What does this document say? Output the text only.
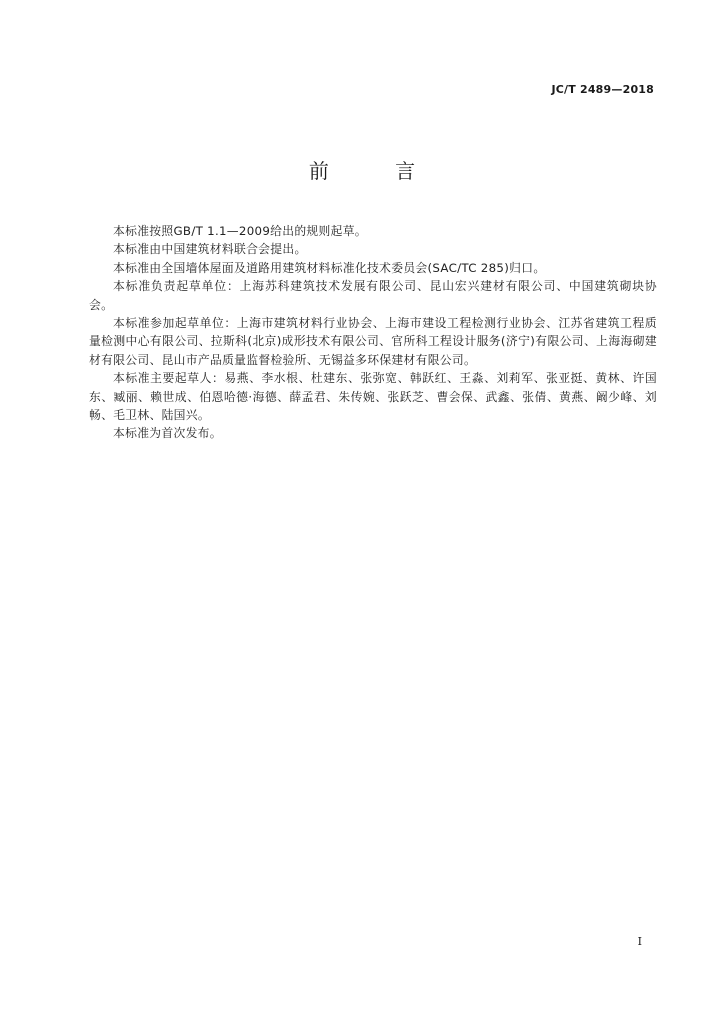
JC/T 2489—2018
前 言

本标准按照GB/T 1.1—2009给出的规则起草。

本标准由中国建筑材料联合会提出。

本标准由全国墙体屋面及道路用建筑材料标准化技术委员会(SAC/TC 285)归口。

本标准负责起草单位：上海苏科建筑技术发展有限公司、昆山宏兴建材有限公司、中国建筑砌块协会。

本标准参加起草单位：上海市建筑材料行业协会、上海市建设工程检测行业协会、江苏省建筑工程质量检测中心有限公司、拉斯科(北京)成形技术有限公司、官所科工程设计服务(济宁)有限公司、上海海砌建材有限公司、昆山市产品质量监督检验所、无锡益多环保建材有限公司。

本标准主要起草人：易燕、李水根、杜建东、张弥宽、韩跃红、王淼、刘莉军、张亚挺、黄林、许国东、臧丽、赖世成、伯恩哈德·海德、薛孟君、朱传婉、张跃芝、曹会保、武鑫、张倩、黄燕、阚少峰、刘畅、毛卫林、陆国兴。

本标准为首次发布。

I
